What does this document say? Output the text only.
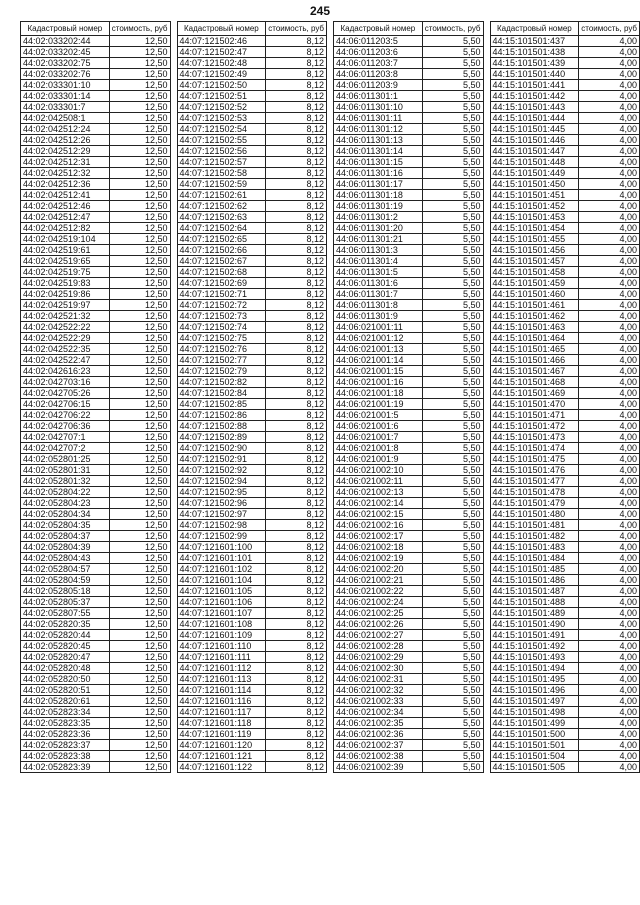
245
Кадастровый номер	стоимость, руб
44:02:033202:44	12,50
44:02:033202:45	12,50
44:02:033202:75	12,50
44:02:033202:76	12,50
44:02:033301:10	12,50
44:02:033301:14	12,50
44:02:033301:7	12,50
44:02:042508:1	12,50
44:02:042512:24	12,50
44:02:042512:26	12,50
44:02:042512:29	12,50
44:02:042512:31	12,50
44:02:042512:32	12,50
44:02:042512:36	12,50
44:02:042512:41	12,50
44:02:042512:46	12,50
44:02:042512:47	12,50
44:02:042512:82	12,50
44:02:042519:104	12,50
44:02:042519:61	12,50
44:02:042519:65	12,50
44:02:042519:75	12,50
44:02:042519:83	12,50
44:02:042519:86	12,50
44:02:042519:97	12,50
44:02:042521:32	12,50
44:02:042522:22	12,50
44:02:042522:29	12,50
44:02:042522:35	12,50
44:02:042522:47	12,50
44:02:042616:23	12,50
44:02:042703:16	12,50
44:02:042705:26	12,50
44:02:042706:15	12,50
44:02:042706:22	12,50
44:02:042706:36	12,50
44:02:042707:1	12,50
44:02:042707:2	12,50
44:02:052801:25	12,50
44:02:052801:31	12,50
44:02:052801:32	12,50
44:02:052804:22	12,50
44:02:052804:23	12,50
44:02:052804:34	12,50
44:02:052804:35	12,50
44:02:052804:37	12,50
44:02:052804:39	12,50
44:02:052804:43	12,50
44:02:052804:57	12,50
44:02:052804:59	12,50
44:02:052805:18	12,50
44:02:052805:37	12,50
44:02:052807:55	12,50
44:02:052820:35	12,50
44:02:052820:44	12,50
44:02:052820:45	12,50
44:02:052820:47	12,50
44:02:052820:48	12,50
44:02:052820:50	12,50
44:02:052820:51	12,50
44:02:052820:61	12,50
44:02:052823:34	12,50
44:02:052823:35	12,50
44:02:052823:36	12,50
44:02:052823:37	12,50
44:02:052823:38	12,50
44:02:052823:39	12,50
Кадастровый номер	стоимость, руб
44:07:121502:46	8,12
44:07:121502:47	8,12
44:07:121502:48	8,12
44:07:121502:49	8,12
44:07:121502:50	8,12
44:07:121502:51	8,12
44:07:121502:52	8,12
44:07:121502:53	8,12
44:07:121502:54	8,12
44:07:121502:55	8,12
44:07:121502:56	8,12
44:07:121502:57	8,12
44:07:121502:58	8,12
44:07:121502:59	8,12
44:07:121502:61	8,12
44:07:121502:62	8,12
44:07:121502:63	8,12
44:07:121502:64	8,12
44:07:121502:65	8,12
44:07:121502:66	8,12
44:07:121502:67	8,12
44:07:121502:68	8,12
44:07:121502:69	8,12
44:07:121502:71	8,12
44:07:121502:72	8,12
44:07:121502:73	8,12
44:07:121502:74	8,12
44:07:121502:75	8,12
44:07:121502:76	8,12
44:07:121502:77	8,12
44:07:121502:79	8,12
44:07:121502:82	8,12
44:07:121502:84	8,12
44:07:121502:85	8,12
44:07:121502:86	8,12
44:07:121502:88	8,12
44:07:121502:89	8,12
44:07:121502:90	8,12
44:07:121502:91	8,12
44:07:121502:92	8,12
44:07:121502:94	8,12
44:07:121502:95	8,12
44:07:121502:96	8,12
44:07:121502:97	8,12
44:07:121502:98	8,12
44:07:121502:99	8,12
44:07:121601:100	8,12
44:07:121601:101	8,12
44:07:121601:102	8,12
44:07:121601:104	8,12
44:07:121601:105	8,12
44:07:121601:106	8,12
44:07:121601:107	8,12
44:07:121601:108	8,12
44:07:121601:109	8,12
44:07:121601:110	8,12
44:07:121601:111	8,12
44:07:121601:112	8,12
44:07:121601:113	8,12
44:07:121601:114	8,12
44:07:121601:116	8,12
44:07:121601:117	8,12
44:07:121601:118	8,12
44:07:121601:119	8,12
44:07:121601:120	8,12
44:07:121601:121	8,12
44:07:121601:122	8,12
Кадастровый номер	стоимость, руб
44:06:011203:5	5,50
44:06:011203:6	5,50
44:06:011203:7	5,50
44:06:011203:8	5,50
44:06:011203:9	5,50
44:06:011301:1	5,50
44:06:011301:10	5,50
44:06:011301:11	5,50
44:06:011301:12	5,50
44:06:011301:13	5,50
44:06:011301:14	5,50
44:06:011301:15	5,50
44:06:011301:16	5,50
44:06:011301:17	5,50
44:06:011301:18	5,50
44:06:011301:19	5,50
44:06:011301:2	5,50
44:06:011301:20	5,50
44:06:011301:21	5,50
44:06:011301:3	5,50
44:06:011301:4	5,50
44:06:011301:5	5,50
44:06:011301:6	5,50
44:06:011301:7	5,50
44:06:011301:8	5,50
44:06:011301:9	5,50
44:06:021001:11	5,50
44:06:021001:12	5,50
44:06:021001:13	5,50
44:06:021001:14	5,50
44:06:021001:15	5,50
44:06:021001:16	5,50
44:06:021001:18	5,50
44:06:021001:19	5,50
44:06:021001:5	5,50
44:06:021001:6	5,50
44:06:021001:7	5,50
44:06:021001:8	5,50
44:06:021001:9	5,50
44:06:021002:10	5,50
44:06:021002:11	5,50
44:06:021002:13	5,50
44:06:021002:14	5,50
44:06:021002:15	5,50
44:06:021002:16	5,50
44:06:021002:17	5,50
44:06:021002:18	5,50
44:06:021002:19	5,50
44:06:021002:20	5,50
44:06:021002:21	5,50
44:06:021002:22	5,50
44:06:021002:24	5,50
44:06:021002:25	5,50
44:06:021002:26	5,50
44:06:021002:27	5,50
44:06:021002:28	5,50
44:06:021002:29	5,50
44:06:021002:30	5,50
44:06:021002:31	5,50
44:06:021002:32	5,50
44:06:021002:33	5,50
44:06:021002:34	5,50
44:06:021002:35	5,50
44:06:021002:36	5,50
44:06:021002:37	5,50
44:06:021002:38	5,50
44:06:021002:39	5,50
Кадастровый номер	стоимость, руб
44:15:101501:437	4,00
44:15:101501:438	4,00
44:15:101501:439	4,00
44:15:101501:440	4,00
44:15:101501:441	4,00
44:15:101501:442	4,00
44:15:101501:443	4,00
44:15:101501:444	4,00
44:15:101501:445	4,00
44:15:101501:446	4,00
44:15:101501:447	4,00
44:15:101501:448	4,00
44:15:101501:449	4,00
44:15:101501:450	4,00
44:15:101501:451	4,00
44:15:101501:452	4,00
44:15:101501:453	4,00
44:15:101501:454	4,00
44:15:101501:455	4,00
44:15:101501:456	4,00
44:15:101501:457	4,00
44:15:101501:458	4,00
44:15:101501:459	4,00
44:15:101501:460	4,00
44:15:101501:461	4,00
44:15:101501:462	4,00
44:15:101501:463	4,00
44:15:101501:464	4,00
44:15:101501:465	4,00
44:15:101501:466	4,00
44:15:101501:467	4,00
44:15:101501:468	4,00
44:15:101501:469	4,00
44:15:101501:470	4,00
44:15:101501:471	4,00
44:15:101501:472	4,00
44:15:101501:473	4,00
44:15:101501:474	4,00
44:15:101501:475	4,00
44:15:101501:476	4,00
44:15:101501:477	4,00
44:15:101501:478	4,00
44:15:101501:479	4,00
44:15:101501:480	4,00
44:15:101501:481	4,00
44:15:101501:482	4,00
44:15:101501:483	4,00
44:15:101501:484	4,00
44:15:101501:485	4,00
44:15:101501:486	4,00
44:15:101501:487	4,00
44:15:101501:488	4,00
44:15:101501:489	4,00
44:15:101501:490	4,00
44:15:101501:491	4,00
44:15:101501:492	4,00
44:15:101501:493	4,00
44:15:101501:494	4,00
44:15:101501:495	4,00
44:15:101501:496	4,00
44:15:101501:497	4,00
44:15:101501:498	4,00
44:15:101501:499	4,00
44:15:101501:500	4,00
44:15:101501:501	4,00
44:15:101501:504	4,00
44:15:101501:505	4,00
